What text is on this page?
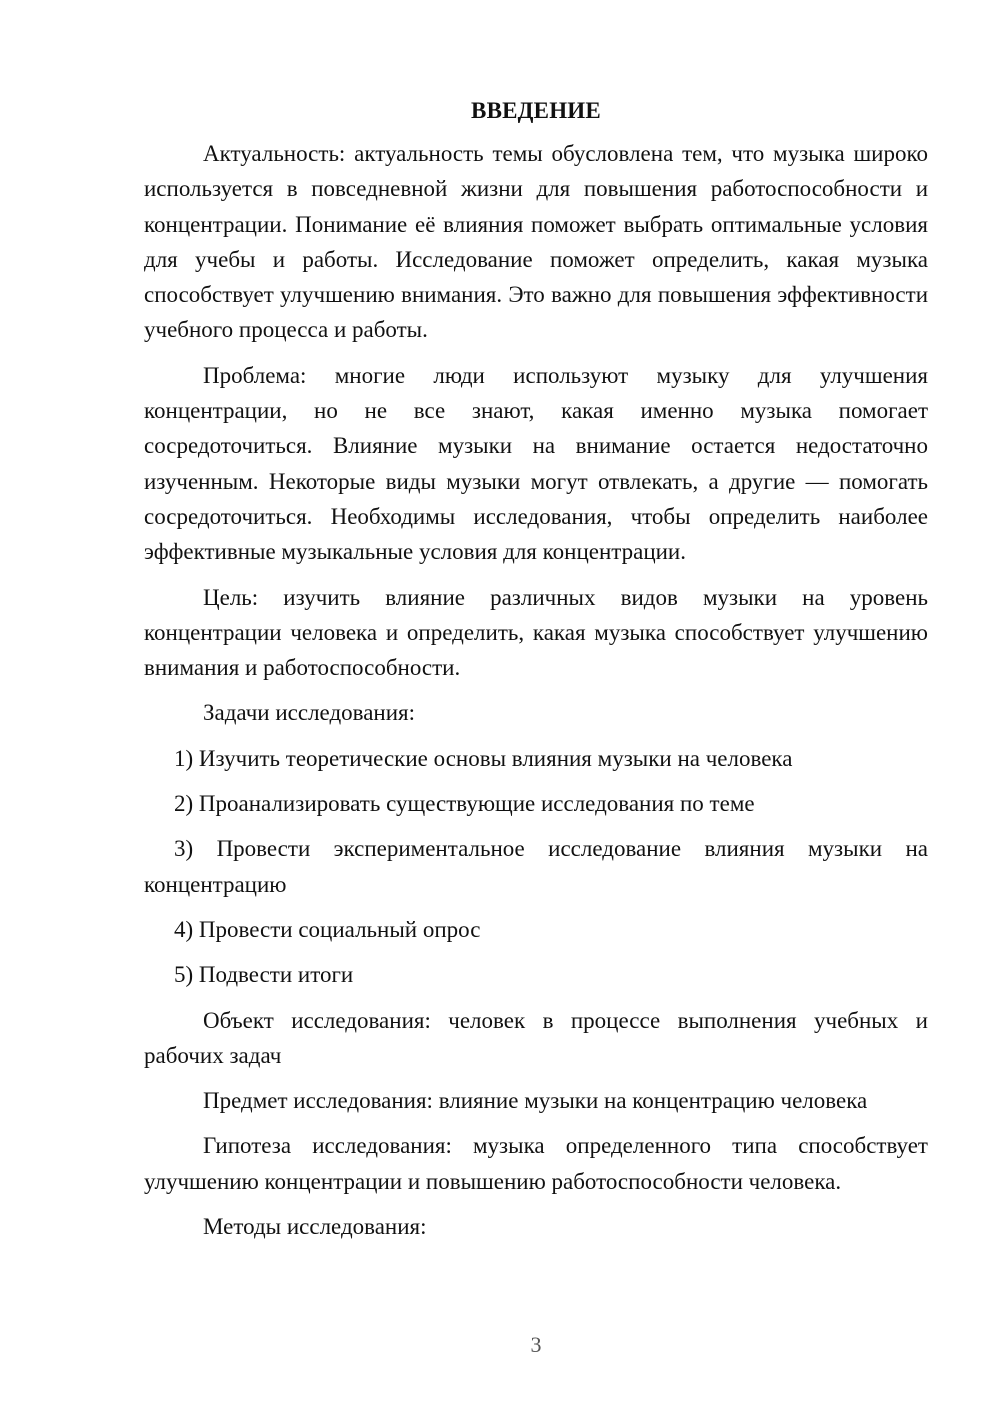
ВВЕДЕНИЕ

Актуальность: актуальность темы обусловлена тем, что музыка широко используется в повседневной жизни для повышения работоспособности и концентрации. Понимание её влияния поможет выбрать оптимальные условия для учебы и работы. Исследование поможет определить, какая музыка способствует улучшению внимания. Это важно для повышения эффективности учебного процесса и работы.

Проблема: многие люди используют музыку для улучшения концентрации, но не все знают, какая именно музыка помогает сосредоточиться. Влияние музыки на внимание остается недостаточно изученным. Некоторые виды музыки могут отвлекать, а другие — помогать сосредоточиться. Необходимы исследования, чтобы определить наиболее эффективные музыкальные условия для концентрации.

Цель: изучить влияние различных видов музыки на уровень концентрации человека и определить, какая музыка способствует улучшению внимания и работоспособности.

Задачи исследования:

1) Изучить теоретические основы влияния музыки на человека

2) Проанализировать существующие исследования по теме

3) Провести экспериментальное исследование влияния музыки на концентрацию

4) Провести социальный опрос

5) Подвести итоги

Объект исследования: человек в процессе выполнения учебных и рабочих задач

Предмет исследования: влияние музыки на концентрацию человека

Гипотеза исследования: музыка определенного типа способствует улучшению концентрации и повышению работоспособности человека.

Методы исследования:

3
